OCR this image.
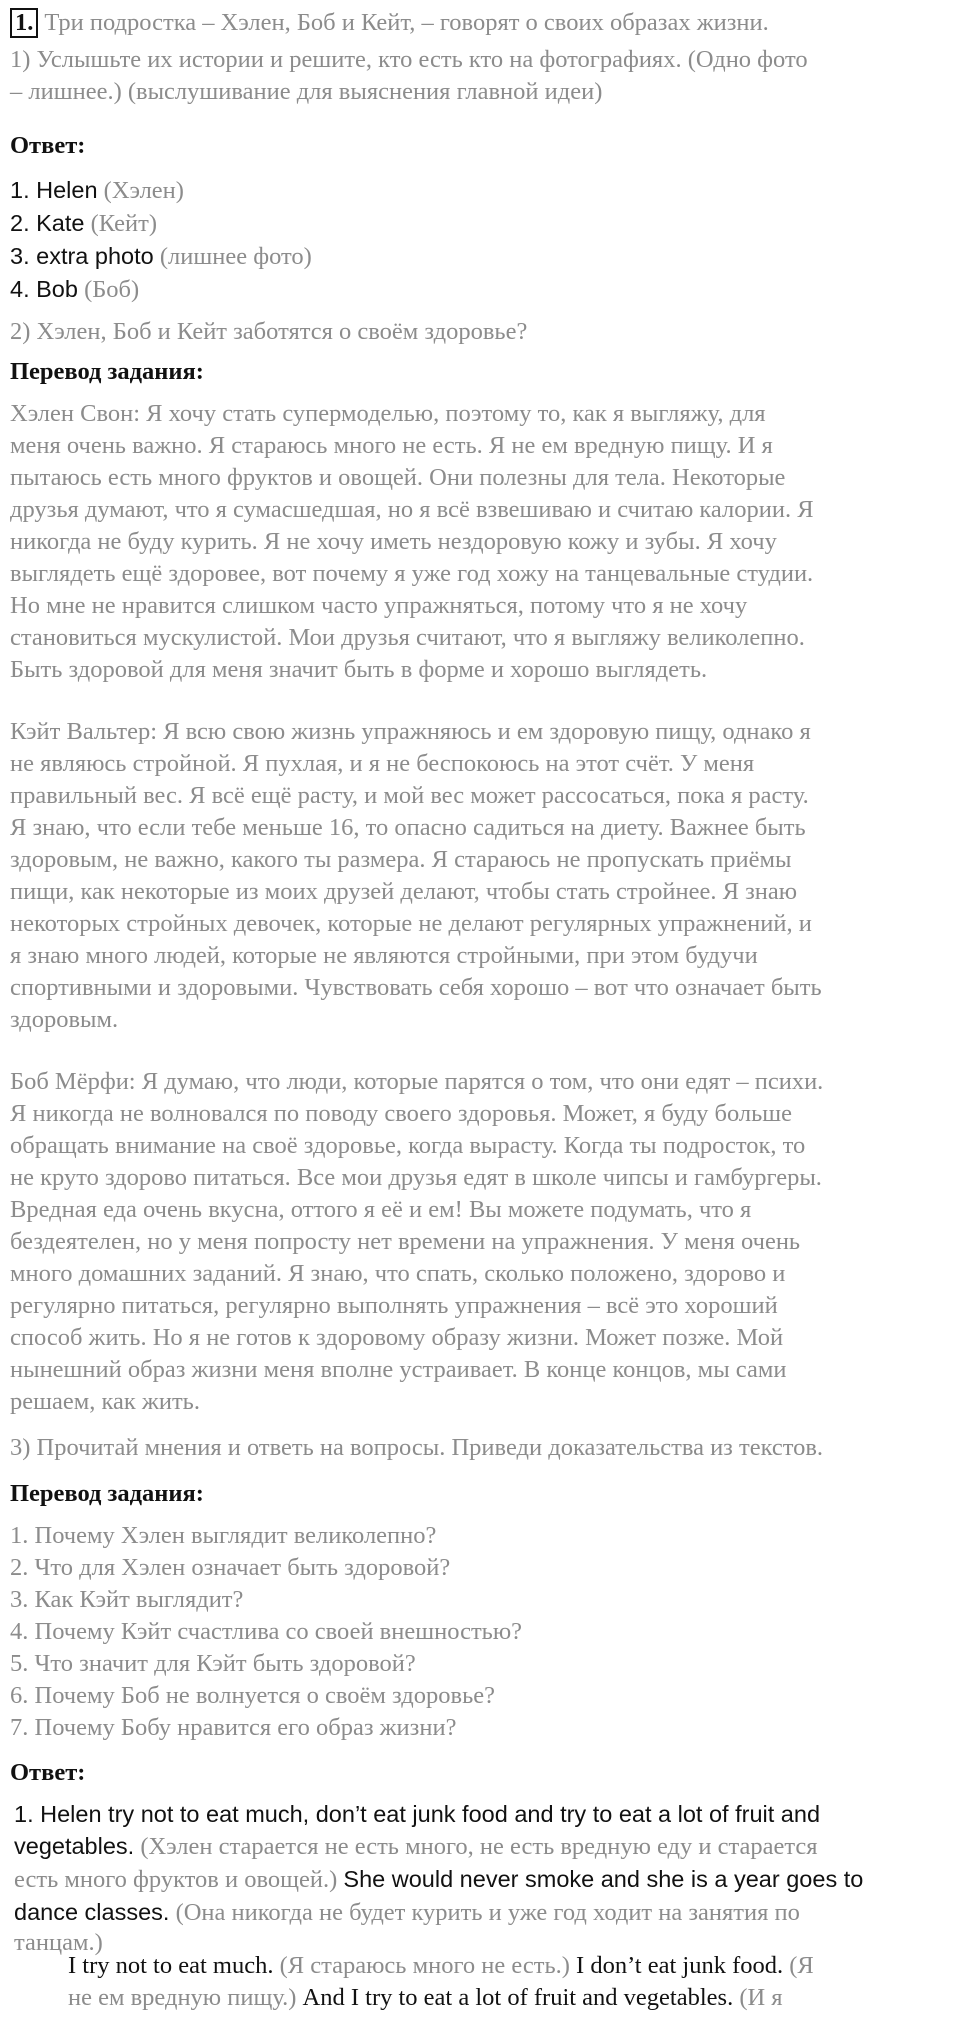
1. Три подростка – Хэлен, Боб и Кейт, – говорят о своих образах жизни.

1) Услышьте их истории и решите, кто есть кто на фотографиях. (Одно фото

– лишнее.) (выслушивание для выяснения главной идеи)

Ответ:

1. Helen (Хэлен)

2. Kate (Кейт)

3. extra photo (лишнее фото)

4. Bob (Боб)

2) Хэлен, Боб и Кейт заботятся о своём здоровье?

Перевод задания:

Хэлен Свон: Я хочу стать супермоделью, поэтому то, как я выгляжу, для

меня очень важно. Я стараюсь много не есть. Я не ем вредную пищу. И я

пытаюсь есть много фруктов и овощей. Они полезны для тела. Некоторые

друзья думают, что я сумасшедшая, но я всё взвешиваю и считаю калории. Я

никогда не буду курить. Я не хочу иметь нездоровую кожу и зубы. Я хочу

выглядеть ещё здоровее, вот почему я уже год хожу на танцевальные студии.

Но мне не нравится слишком часто упражняться, потому что я не хочу

становиться мускулистой. Мои друзья считают, что я выгляжу великолепно.

Быть здоровой для меня значит быть в форме и хорошо выглядеть.

Кэйт Вальтер: Я всю свою жизнь упражняюсь и ем здоровую пищу, однако я

не являюсь стройной. Я пухлая, и я не беспокоюсь на этот счёт. У меня

правильный вес. Я всё ещё расту, и мой вес может рассосаться, пока я расту.

Я знаю, что если тебе меньше 16, то опасно садиться на диету. Важнее быть

здоровым, не важно, какого ты размера. Я стараюсь не пропускать приёмы

пищи, как некоторые из моих друзей делают, чтобы стать стройнее. Я знаю

некоторых стройных девочек, которые не делают регулярных упражнений, и

я знаю много людей, которые не являются стройными, при этом будучи

спортивными и здоровыми. Чувствовать себя хорошо – вот что означает быть

здоровым.

Боб Мёрфи: Я думаю, что люди, которые парятся о том, что они едят – психи.

Я никогда не волновался по поводу своего здоровья. Может, я буду больше

обращать внимание на своё здоровье, когда вырасту. Когда ты подросток, то

не круто здорово питаться. Все мои друзья едят в школе чипсы и гамбургеры.

Вредная еда очень вкусна, оттого я её и ем! Вы можете подумать, что я

бездеятелен, но у меня попросту нет времени на упражнения. У меня очень

много домашних заданий. Я знаю, что спать, сколько положено, здорово и

регулярно питаться, регулярно выполнять упражнения – всё это хороший

способ жить. Но я не готов к здоровому образу жизни. Может позже. Мой

нынешний образ жизни меня вполне устраивает. В конце концов, мы сами

решаем, как жить.

3) Прочитай мнения и ответь на вопросы. Приведи доказательства из текстов.

Перевод задания:

1. Почему Хэлен выглядит великолепно?

2. Что для Хэлен означает быть здоровой?

3. Как Кэйт выглядит?

4. Почему Кэйт счастлива со своей внешностью?

5. Что значит для Кэйт быть здоровой?

6. Почему Боб не волнуется о своём здоровье?

7. Почему Бобу нравится его образ жизни?

Ответ:

1. Helen try not to eat much, don’t eat junk food and try to eat a lot of fruit and

vegetables. (Хэлен старается не есть много, не есть вредную еду и старается

есть много фруктов и овощей.) She would never smoke and she is a year goes to

dance classes. (Она никогда не будет курить и уже год ходит на занятия по

танцам.)

I try not to eat much. (Я стараюсь много не есть.) I don’t eat junk food. (Я

не ем вредную пищу.) And I try to eat a lot of fruit and vegetables. (И я
